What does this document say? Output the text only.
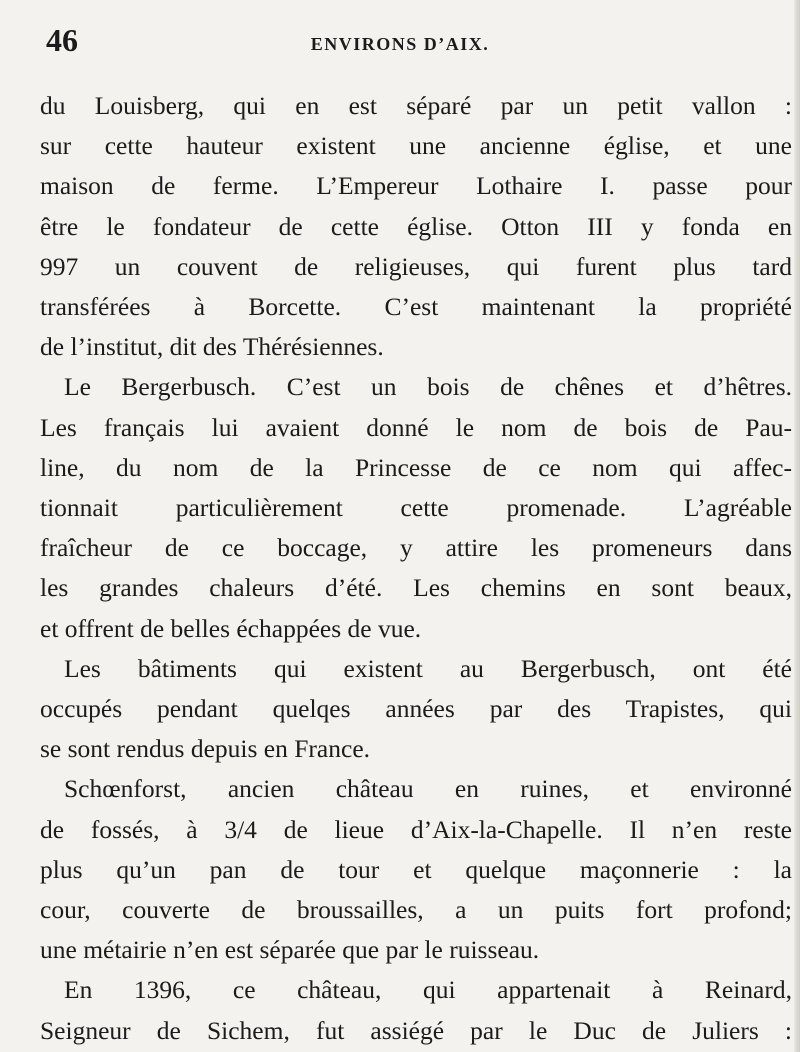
46	ENVIRONS D’AIX.
du Louisberg, qui en est séparé par un petit vallon :
sur cette hauteur existent une ancienne église, et une
maison de ferme. L’Empereur Lothaire I. passe pour
être le fondateur de cette église. Otton III y fonda en
997 un couvent de religieuses, qui furent plus tard
transférées à Borcette. C’est maintenant la propriété
de l’institut, dit des Thérésiennes.
Le Bergerbusch. C’est un bois de chênes et d’hêtres.
Les français lui avaient donné le nom de bois de Pau-
line, du nom de la Princesse de ce nom qui affec-
tionnait particulièrement cette promenade. L’agréable
fraîcheur de ce boccage, y attire les promeneurs dans
les grandes chaleurs d’été. Les chemins en sont beaux,
et offrent de belles échappées de vue.
Les bâtiments qui existent au Bergerbusch, ont été
occupés pendant quelqes années par des Trapistes, qui
se sont rendus depuis en France.
Schœnforst, ancien château en ruines, et environné
de fossés, à 3/4 de lieue d’Aix-la-Chapelle. Il n’en reste
plus qu’un pan de tour et quelque maçonnerie : la
cour, couverte de broussailles, a un puits fort profond;
une métairie n’en est séparée que par le ruisseau.
En 1396, ce château, qui appartenait à Reinard,
Seigneur de Sichem, fut assiégé par le Duc de Juliers :
